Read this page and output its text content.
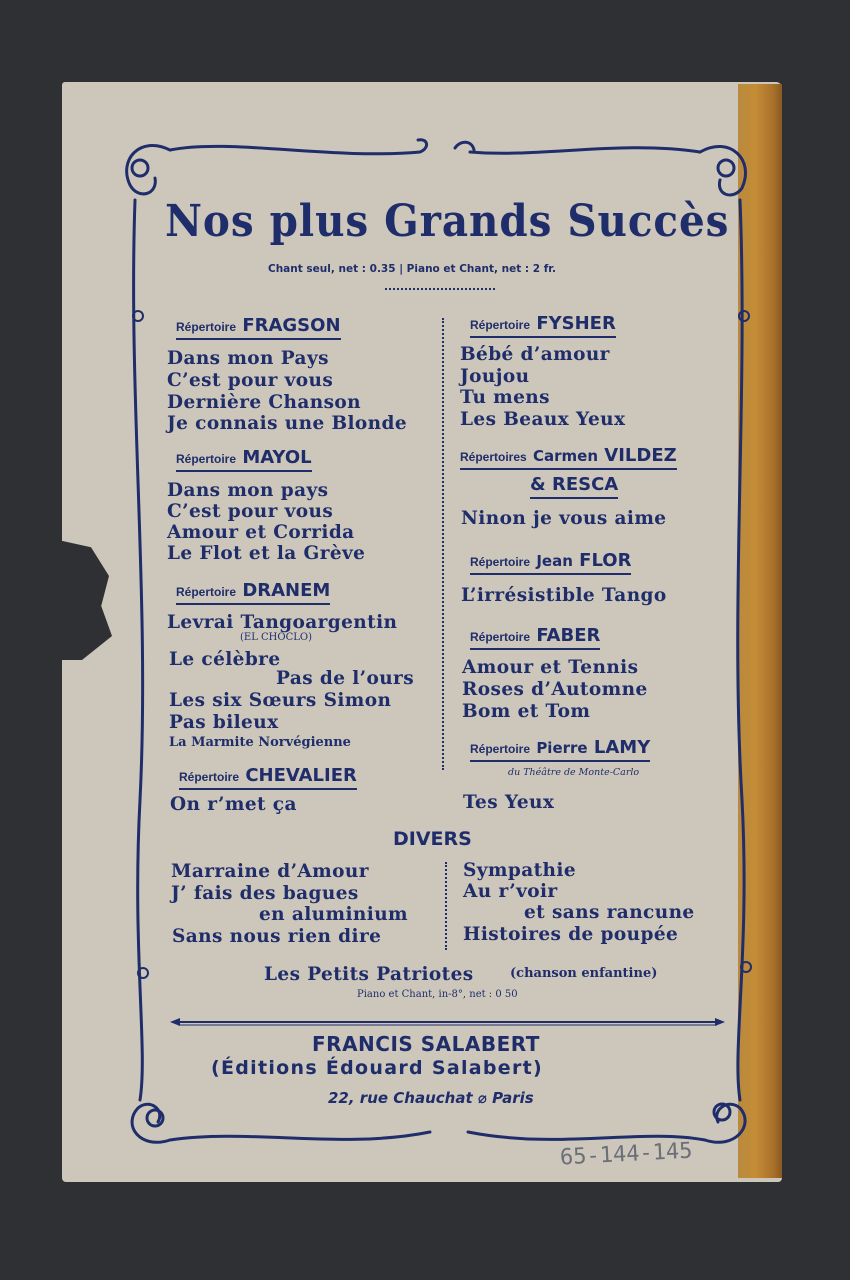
Nos plus Grands Succès
Chant seul, net : 0.35 | Piano et Chant, net : 2 fr.
Répertoire FRAGSON
Dans mon Pays
C’est pour vous
Dernière Chanson
Je connais une Blonde
Répertoire MAYOL
Dans mon pays
C’est pour vous
Amour et Corrida
Le Flot et la Grève
Répertoire DRANEM
Levrai Tangoargentin
(EL CHOCLO)
Le célèbre
Pas de l’ours
Les six Sœurs Simon
Pas bileux
La Marmite Norvégienne
Répertoire CHEVALIER
On r’met ça
Répertoire FYSHER
Bébé d’amour
Joujou
Tu mens
Les Beaux Yeux
Répertoires Carmen VILDEZ
& RESCA
Ninon je vous aime
Répertoire Jean FLOR
L’irrésistible Tango
Répertoire FABER
Amour et Tennis
Roses d’Automne
Bom et Tom
Répertoire Pierre LAMY
du Théâtre de Monte-Carlo
Tes Yeux
DIVERS
Marraine d’Amour
J’ fais des bagues
en aluminium
Sans nous rien dire
Sympathie
Au r’voir
et sans rancune
Histoires de poupée
Les Petits Patriotes	(chanson enfantine)
Piano et Chant, in-8°, net : 0 50
FRANCIS SALABERT
(Éditions Édouard Salabert)
22, rue Chauchat ⌀ Paris
65-144-145
